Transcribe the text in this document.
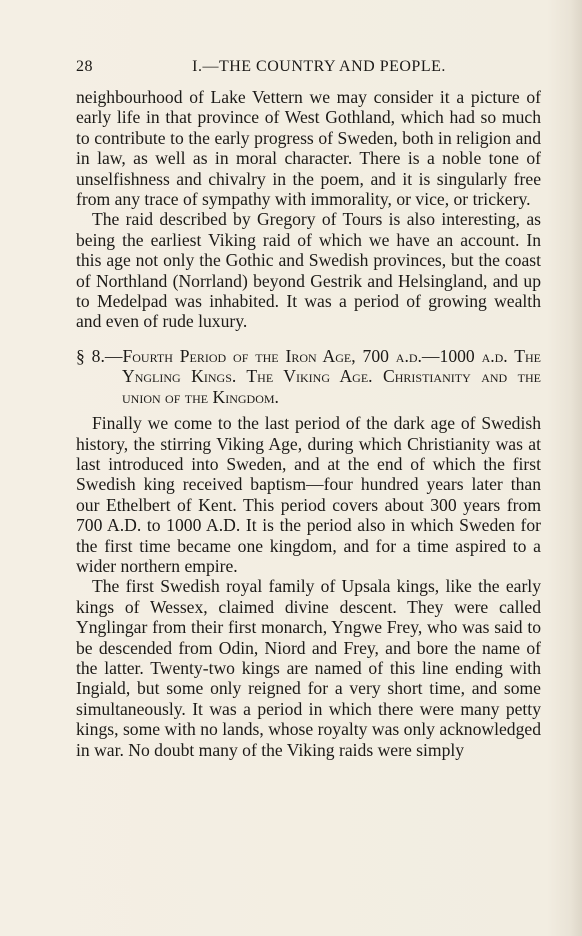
28	I.—THE COUNTRY AND PEOPLE.

neighbourhood of Lake Vettern we may consider it a picture of early life in that province of West Gothland, which had so much to contribute to the early progress of Sweden, both in religion and in law, as well as in moral character. There is a noble tone of unselfishness and chivalry in the poem, and it is singularly free from any trace of sympathy with immorality, or vice, or trickery.

The raid described by Gregory of Tours is also interesting, as being the earliest Viking raid of which we have an account. In this age not only the Gothic and Swedish provinces, but the coast of Northland (Norrland) beyond Gestrik and Helsingland, and up to Medelpad was inhabited. It was a period of growing wealth and even of rude luxury.

§ 8.—Fourth Period of the Iron Age, 700 a.d.—1000 a.d. The Yngling Kings. The Viking Age. Christianity and the union of the Kingdom.

Finally we come to the last period of the dark age of Swedish history, the stirring Viking Age, during which Christianity was at last introduced into Sweden, and at the end of which the first Swedish king received baptism—four hundred years later than our Ethelbert of Kent. This period covers about 300 years from 700 A.D. to 1000 A.D. It is the period also in which Sweden for the first time became one kingdom, and for a time aspired to a wider northern empire.

The first Swedish royal family of Upsala kings, like the early kings of Wessex, claimed divine descent. They were called Ynglingar from their first monarch, Yngwe Frey, who was said to be descended from Odin, Niord and Frey, and bore the name of the latter. Twenty-two kings are named of this line ending with Ingiald, but some only reigned for a very short time, and some simultaneously. It was a period in which there were many petty kings, some with no lands, whose royalty was only acknowledged in war. No doubt many of the Viking raids were simply
